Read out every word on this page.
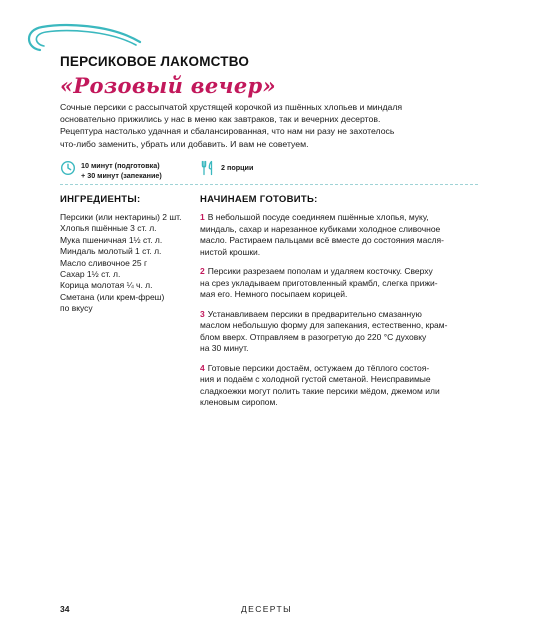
ПЕРСИКОВОЕ ЛАКОМСТВО
«Розовый вечер»
Сочные персики с рассыпчатой хрустящей корочкой из пшённых хлопьев и миндаля
основательно прижились у нас в меню как завтраков, так и вечерних десертов.
Рецептура настолько удачная и сбалансированная, что нам ни разу не захотелось
что-либо заменить, убрать или добавить. И вам не советуем.
10 минут (подготовка)
+ 30 минут (запекание)
2 порции
ИНГРЕДИЕНТЫ:
Персики (или нектарины) 2 шт.
Хлопья пшённые 3 ст. л.
Мука пшеничная 1½ ст. л.
Миндаль молотый 1 ст. л.
Масло сливочное 25 г
Сахар 1½ ст. л.
Корица молотая ¼ ч. л.
Сметана (или крем-фреш)
по вкусу
НАЧИНАЕМ ГОТОВИТЬ:
1 В небольшой посуде соединяем пшённые хлопья, муку,
миндаль, сахар и нарезанное кубиками холодное сливочное
масло. Растираем пальцами всё вместе до состояния масля-
нистой крошки.
2 Персики разрезаем пополам и удаляем косточку. Сверху
на срез укладываем приготовленный крамбл, слегка прижи-
мая его. Немного посыпаем корицей.
3 Устанавливаем персики в предварительно смазанную
маслом небольшую форму для запекания, естественно, крам-
блом вверх. Отправляем в разогретую до 220 °С духовку
на 30 минут.
4 Готовые персики достаём, остужаем до тёплого состоя-
ния и подаём с холодной густой сметаной. Неисправимые
сладкоежки могут полить такие персики мёдом, джемом или
кленовым сиропом.
34	ДЕСЕРТЫ
